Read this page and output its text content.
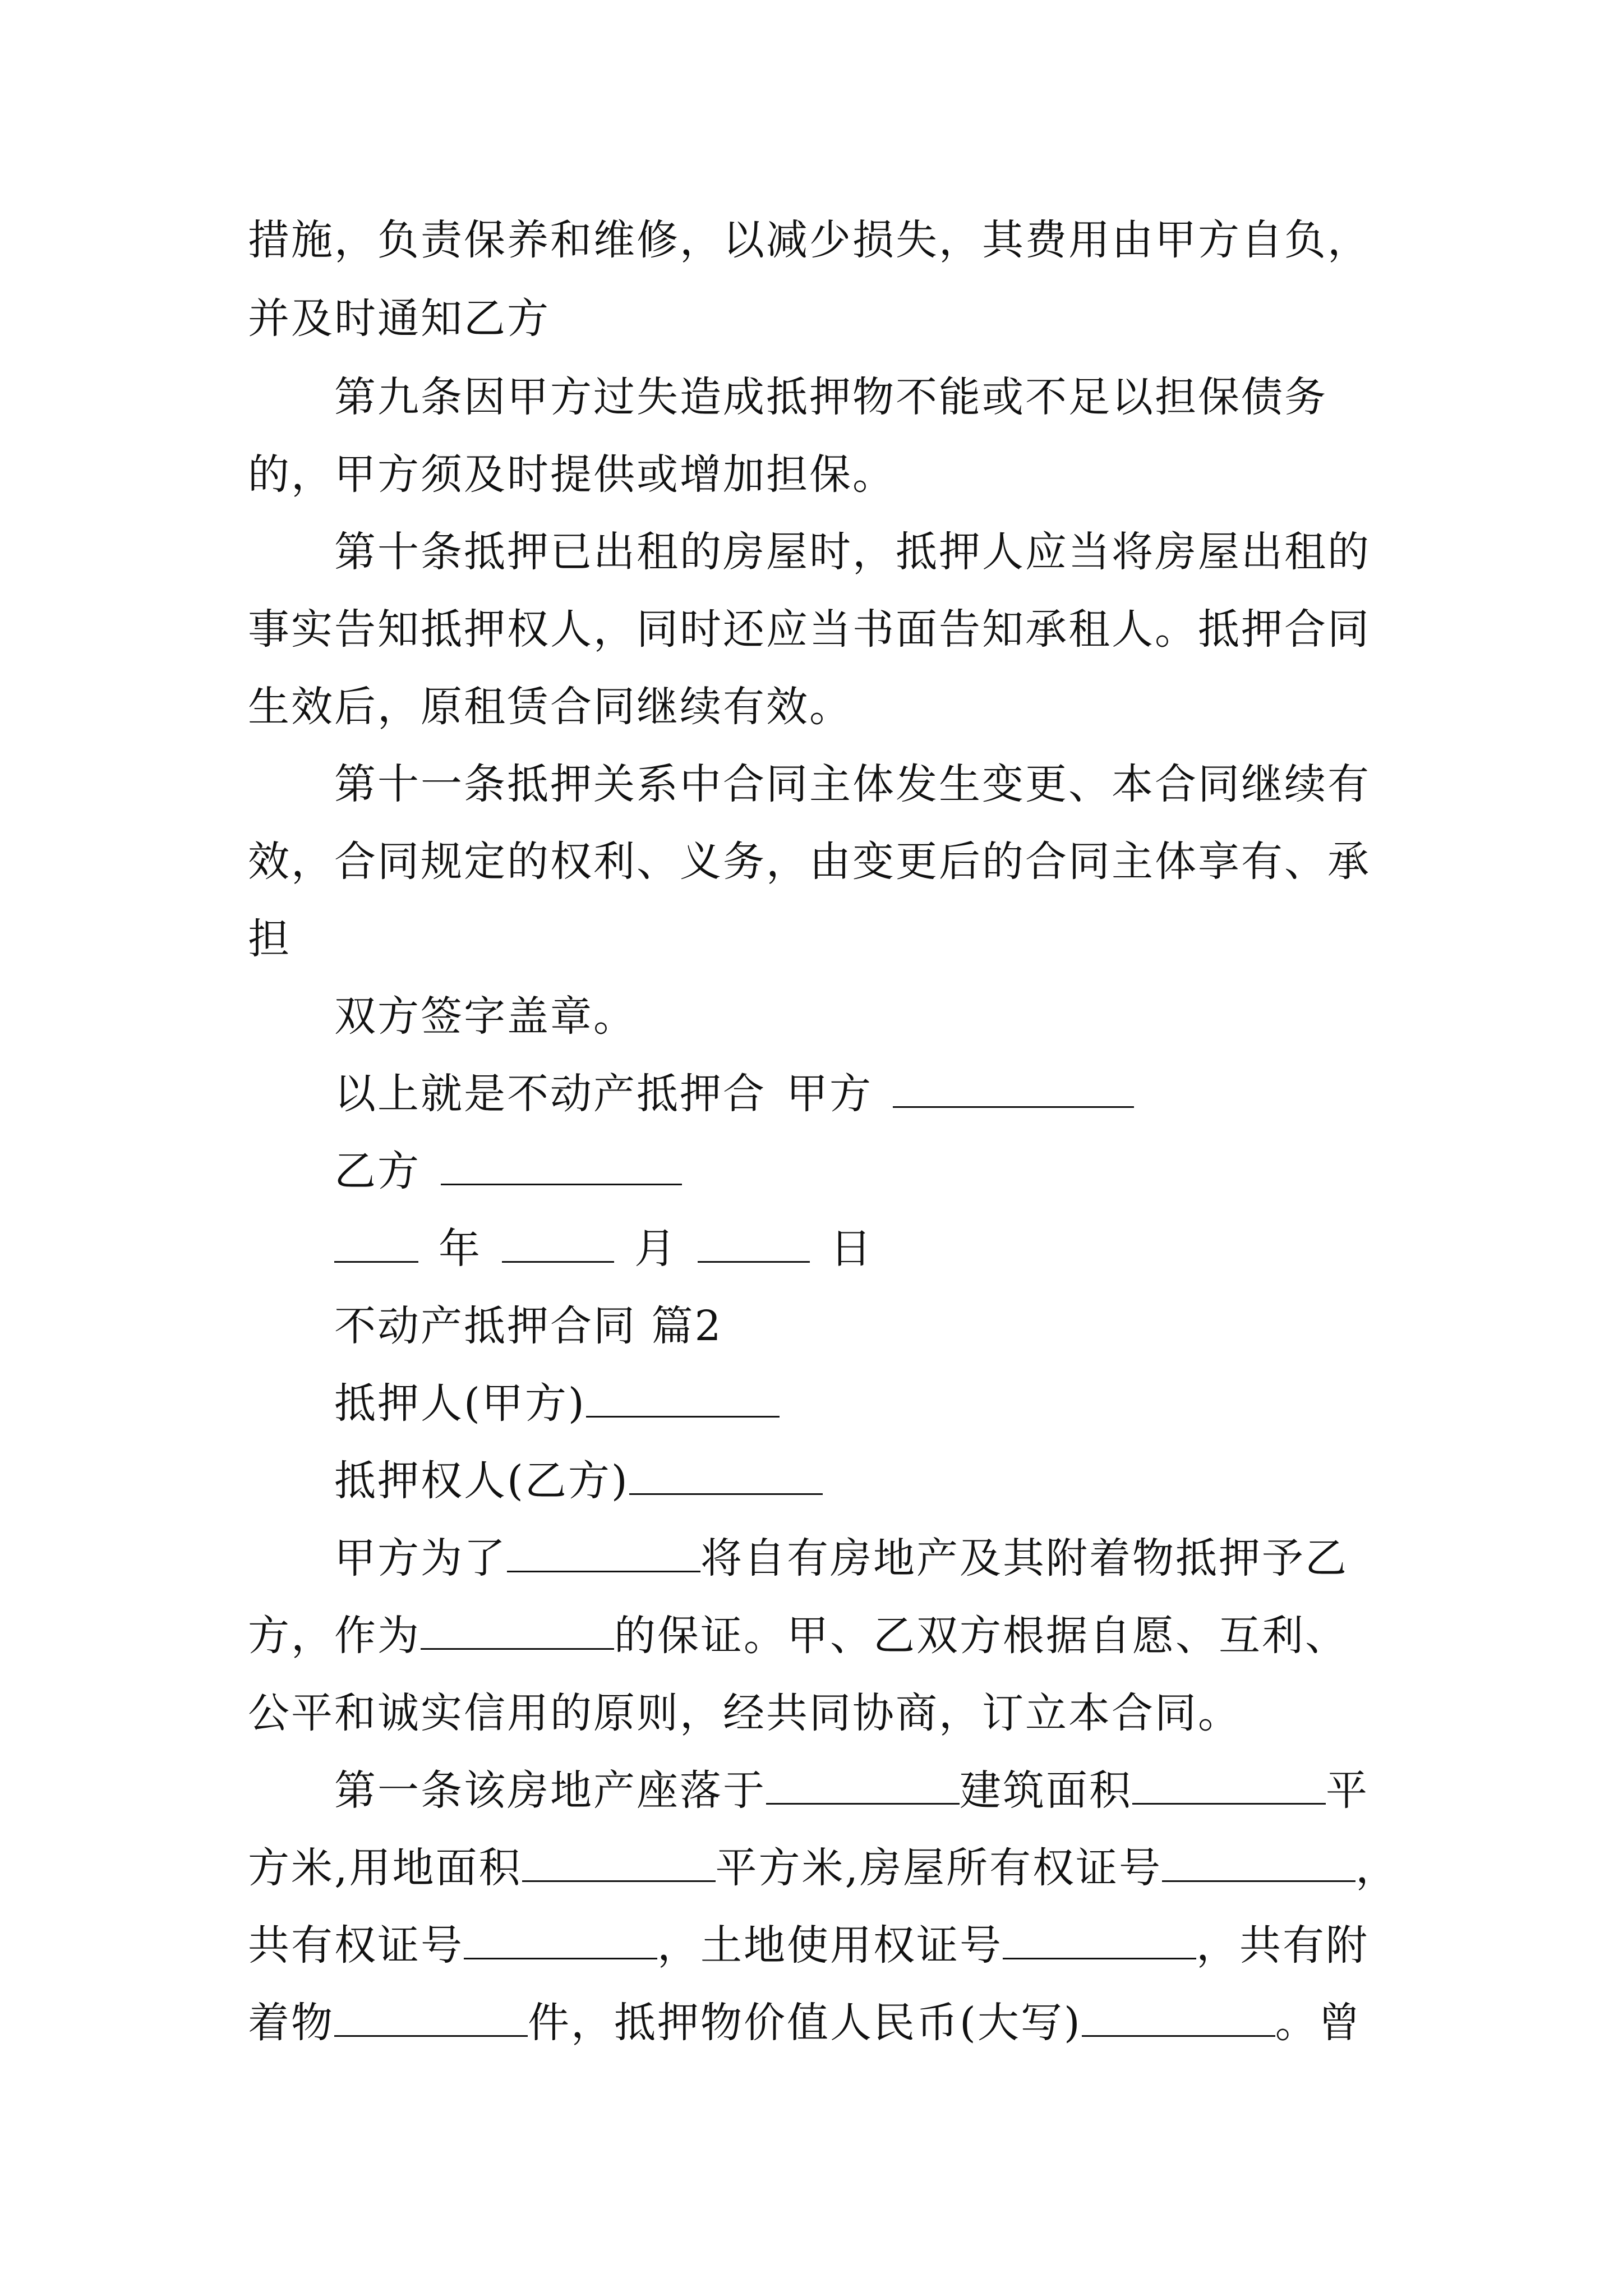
措施，负责保养和维修，以减少损失，其费用由甲方自负，
并及时通知乙方
第九条因甲方过失造成抵押物不能或不足以担保债务
的，甲方须及时提供或增加担保。
第十条抵押已出租的房屋时，抵押人应当将房屋出租的
事实告知抵押权人，同时还应当书面告知承租人。抵押合同
生效后，原租赁合同继续有效。
第十一条抵押关系中合同主体发生变更、本合同继续有
效，合同规定的权利、义务，由变更后的合同主体享有、承
担
双方签字盖章。
以上就是不动产抵押合 甲方
乙方
年	月	日
不动产抵押合同 篇2
抵押人(甲方)
抵押权人(乙方)
甲方为了	将自有房地产及其附着物抵押予乙
方，作为	的保证。甲、乙双方根据自愿、互利、
公平和诚实信用的原则，经共同协商，订立本合同。
第一条该房地产座落于	建筑面积	平
方米,用地面积	平方米,房屋所有权证号	，
共有权证号	，土地使用权证号	，共有附
着物	件，抵押物价值人民币(大写)	。曾
